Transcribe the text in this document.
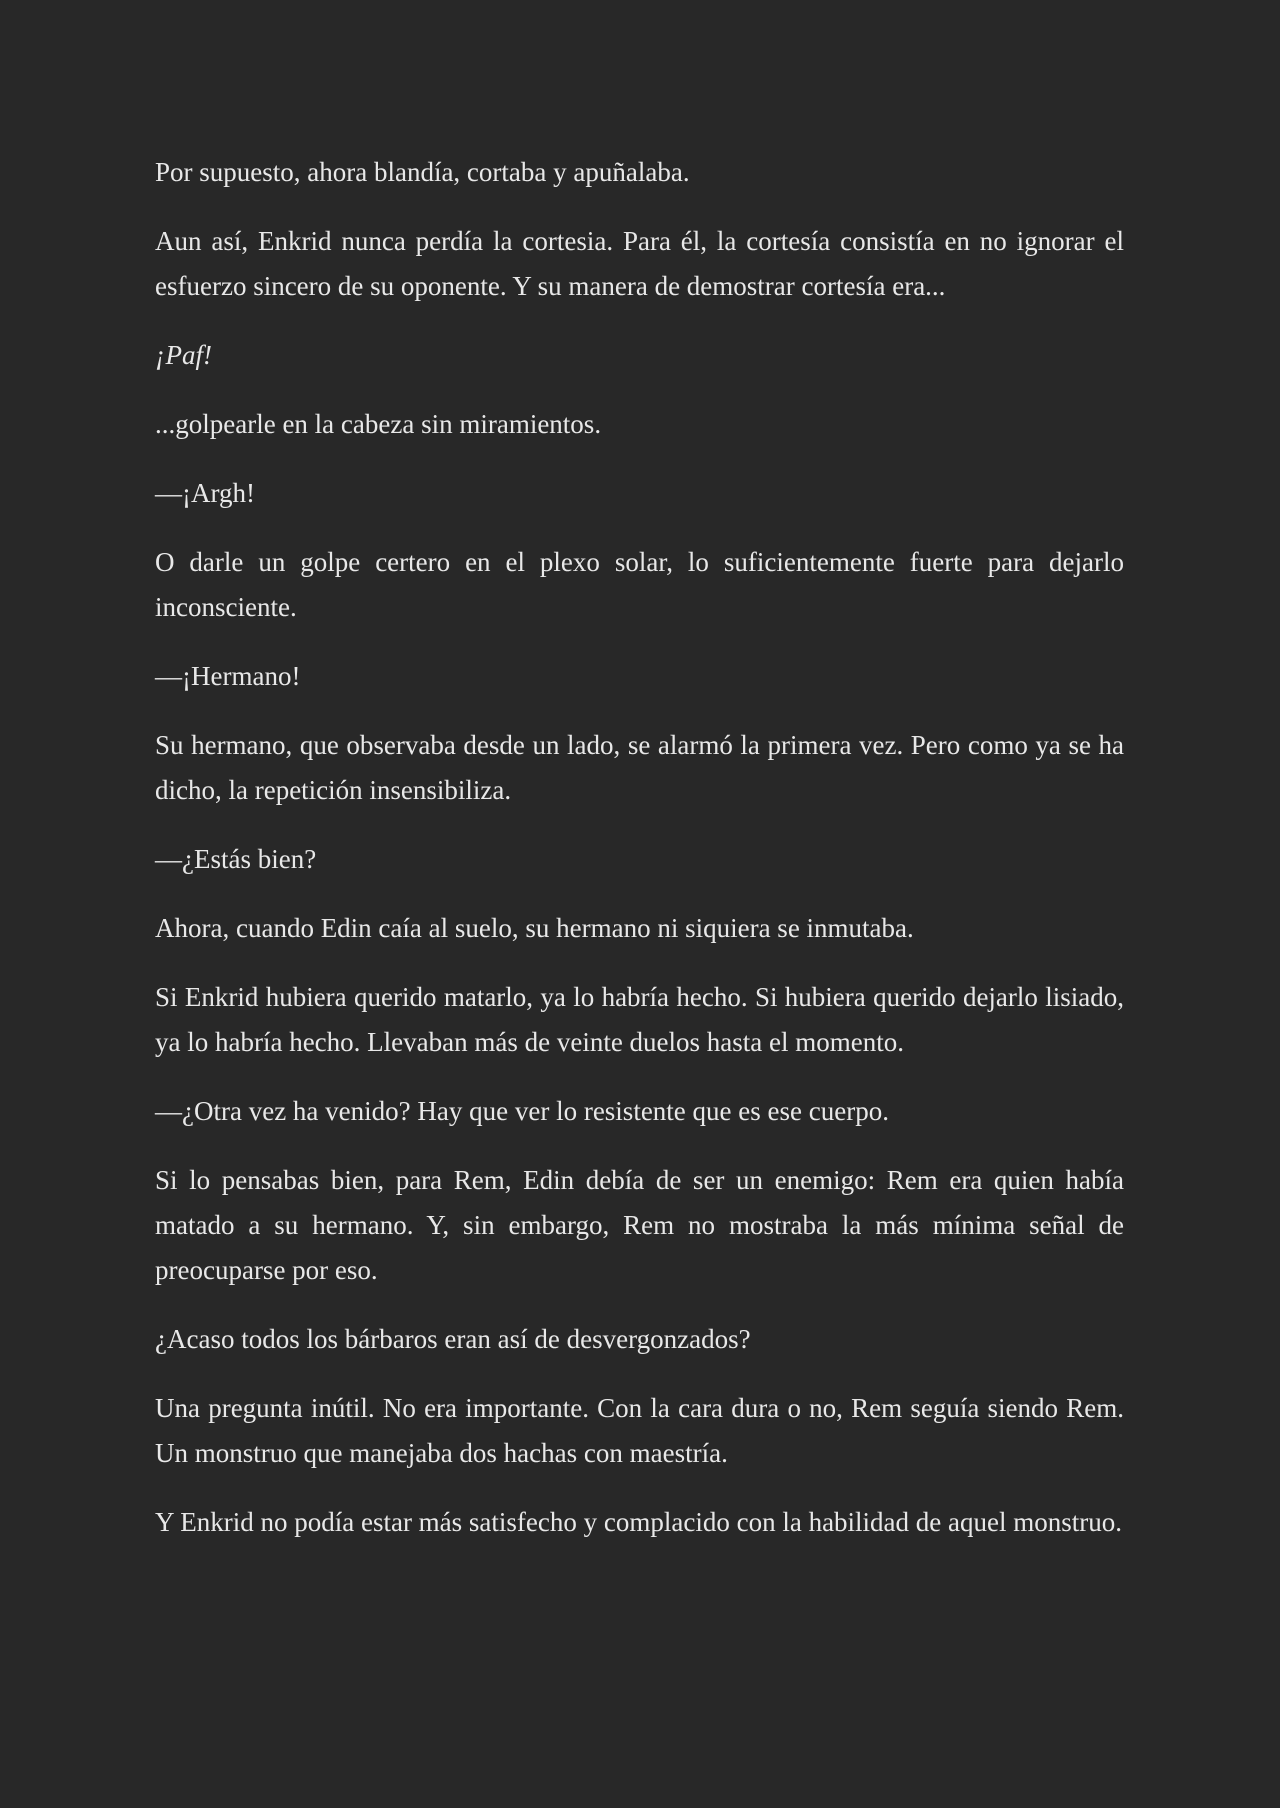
Por supuesto, ahora blandía, cortaba y apuñalaba.

Aun así, Enkrid nunca perdía la cortesia. Para él, la cortesía consistía en no ignorar el esfuerzo sincero de su oponente. Y su manera de demostrar cortesía era...

¡Paf!

...golpearle en la cabeza sin miramientos.

—¡Argh!

O darle un golpe certero en el plexo solar, lo suficientemente fuerte para dejarlo inconsciente.

—¡Hermano!

Su hermano, que observaba desde un lado, se alarmó la primera vez. Pero como ya se ha dicho, la repetición insensibiliza.

—¿Estás bien?

Ahora, cuando Edin caía al suelo, su hermano ni siquiera se inmutaba.

Si Enkrid hubiera querido matarlo, ya lo habría hecho. Si hubiera querido dejarlo lisiado, ya lo habría hecho. Llevaban más de veinte duelos hasta el momento.

—¿Otra vez ha venido? Hay que ver lo resistente que es ese cuerpo.

Si lo pensabas bien, para Rem, Edin debía de ser un enemigo: Rem era quien había matado a su hermano. Y, sin embargo, Rem no mostraba la más mínima señal de preocuparse por eso.

¿Acaso todos los bárbaros eran así de desvergonzados?

Una pregunta inútil. No era importante. Con la cara dura o no, Rem seguía siendo Rem. Un monstruo que manejaba dos hachas con maestría.

Y Enkrid no podía estar más satisfecho y complacido con la habilidad de aquel monstruo.
